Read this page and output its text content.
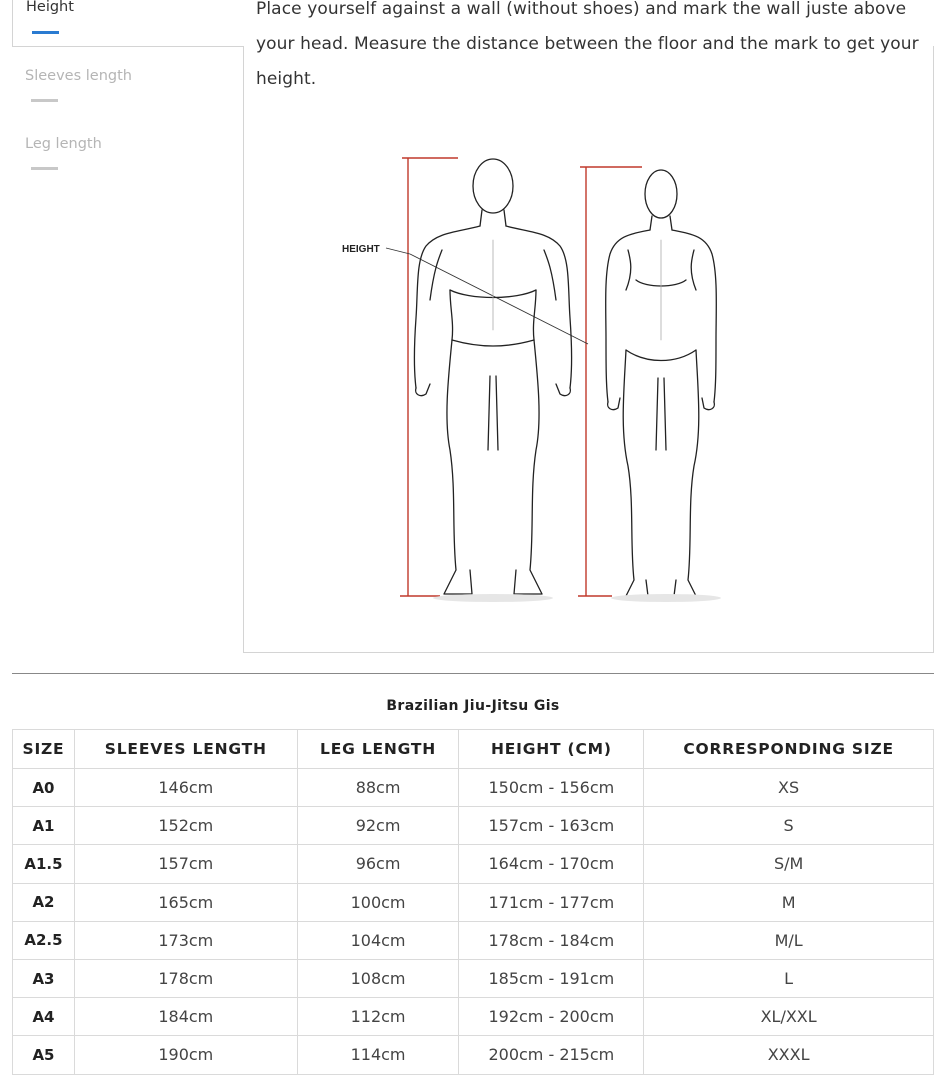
Height
Sleeves length
Leg length

Place yourself against a wall (without shoes) and mark the wall juste above your head. Measure the distance between the floor and the mark to get your height.

HEIGHT
Brazilian Jiu-Jitsu Gis
SIZE	SLEEVES LENGTH	LEG LENGTH	HEIGHT (CM)	CORRESPONDING SIZE
A0	146cm	88cm	150cm - 156cm	XS
A1	152cm	92cm	157cm - 163cm	S
A1.5	157cm	96cm	164cm - 170cm	S/M
A2	165cm	100cm	171cm - 177cm	M
A2.5	173cm	104cm	178cm - 184cm	M/L
A3	178cm	108cm	185cm - 191cm	L
A4	184cm	112cm	192cm - 200cm	XL/XXL
A5	190cm	114cm	200cm - 215cm	XXXL
